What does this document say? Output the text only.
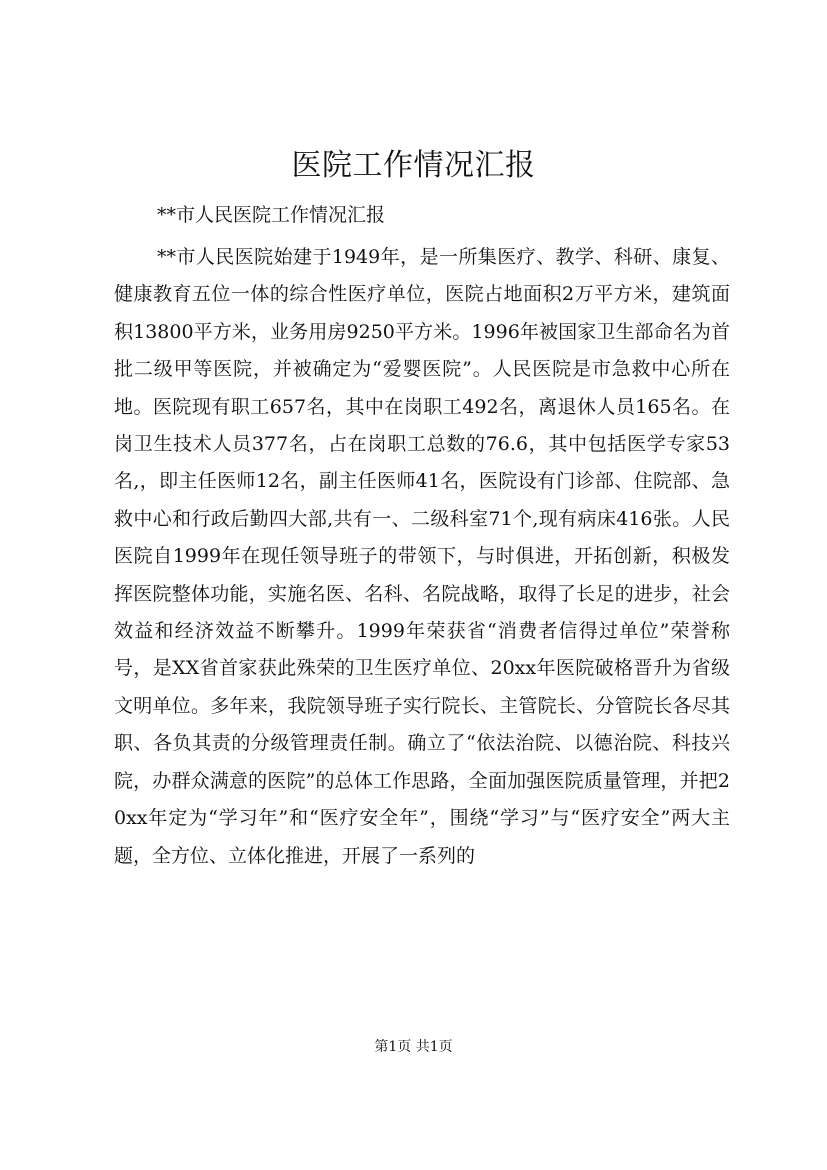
医院工作情况汇报

**市人民医院工作情况汇报

**市人民医院始建于1949年，是一所集医疗、教学、科研、康复、健康教育五位一体的综合性医疗单位，医院占地面积2万平方米，建筑面积13800平方米，业务用房9250平方米。1996年被国家卫生部命名为首批二级甲等医院，并被确定为“爱婴医院”。人民医院是市急救中心所在地。医院现有职工657名，其中在岗职工492名，离退休人员165名。在岗卫生技术人员377名，占在岗职工总数的76.6，其中包括医学专家53名,，即主任医师12名，副主任医师41名，医院设有门诊部、住院部、急救中心和行政后勤四大部,共有一、二级科室71个,现有病床416张。人民医院自1999年在现任领导班子的带领下，与时俱进，开拓创新，积极发挥医院整体功能，实施名医、名科、名院战略，取得了长足的进步，社会效益和经济效益不断攀升。1999年荣获省“消费者信得过单位”荣誉称号，是XX省首家获此殊荣的卫生医疗单位、20xx年医院破格晋升为省级文明单位。多年来，我院领导班子实行院长、主管院长、分管院长各尽其职、各负其责的分级管理责任制。确立了“依法治院、以德治院、科技兴院，办群众满意的医院”的总体工作思路，全面加强医院质量管理，并把20xx年定为“学习年”和“医疗安全年”，围绕“学习”与“医疗安全”两大主题，全方位、立体化推进，开展了一系列的

第1页 共1页
